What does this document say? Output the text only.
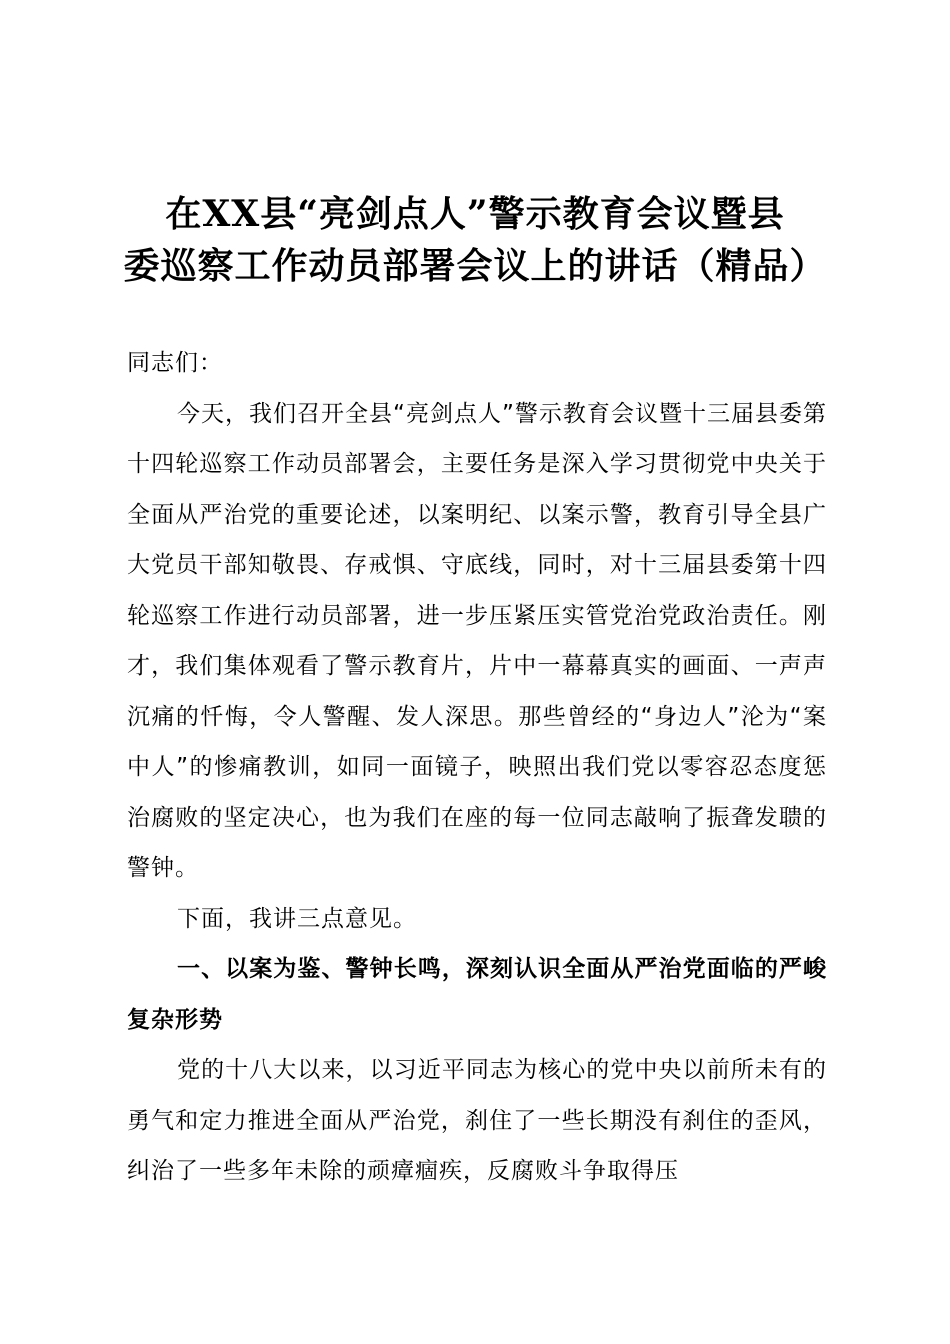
在XX县“亮剑点人”警示教育会议暨县
委巡察工作动员部署会议上的讲话（精品）

同志们：

今天，我们召开全县“亮剑点人”警示教育会议暨十三届县委第十四轮巡察工作动员部署会，主要任务是深入学习贯彻党中央关于全面从严治党的重要论述，以案明纪、以案示警，教育引导全县广大党员干部知敬畏、存戒惧、守底线，同时，对十三届县委第十四轮巡察工作进行动员部署，进一步压紧压实管党治党政治责任。刚才，我们集体观看了警示教育片，片中一幕幕真实的画面、一声声沉痛的忏悔，令人警醒、发人深思。那些曾经的“身边人”沦为“案中人”的惨痛教训，如同一面镜子，映照出我们党以零容忍态度惩治腐败的坚定决心，也为我们在座的每一位同志敲响了振聋发聩的警钟。

下面，我讲三点意见。

一、以案为鉴、警钟长鸣，深刻认识全面从严治党面临的严峻复杂形势

党的十八大以来，以习近平同志为核心的党中央以前所未有的勇气和定力推进全面从严治党，刹住了一些长期没有刹住的歪风，纠治了一些多年未除的顽瘴痼疾，反腐败斗争取得压
